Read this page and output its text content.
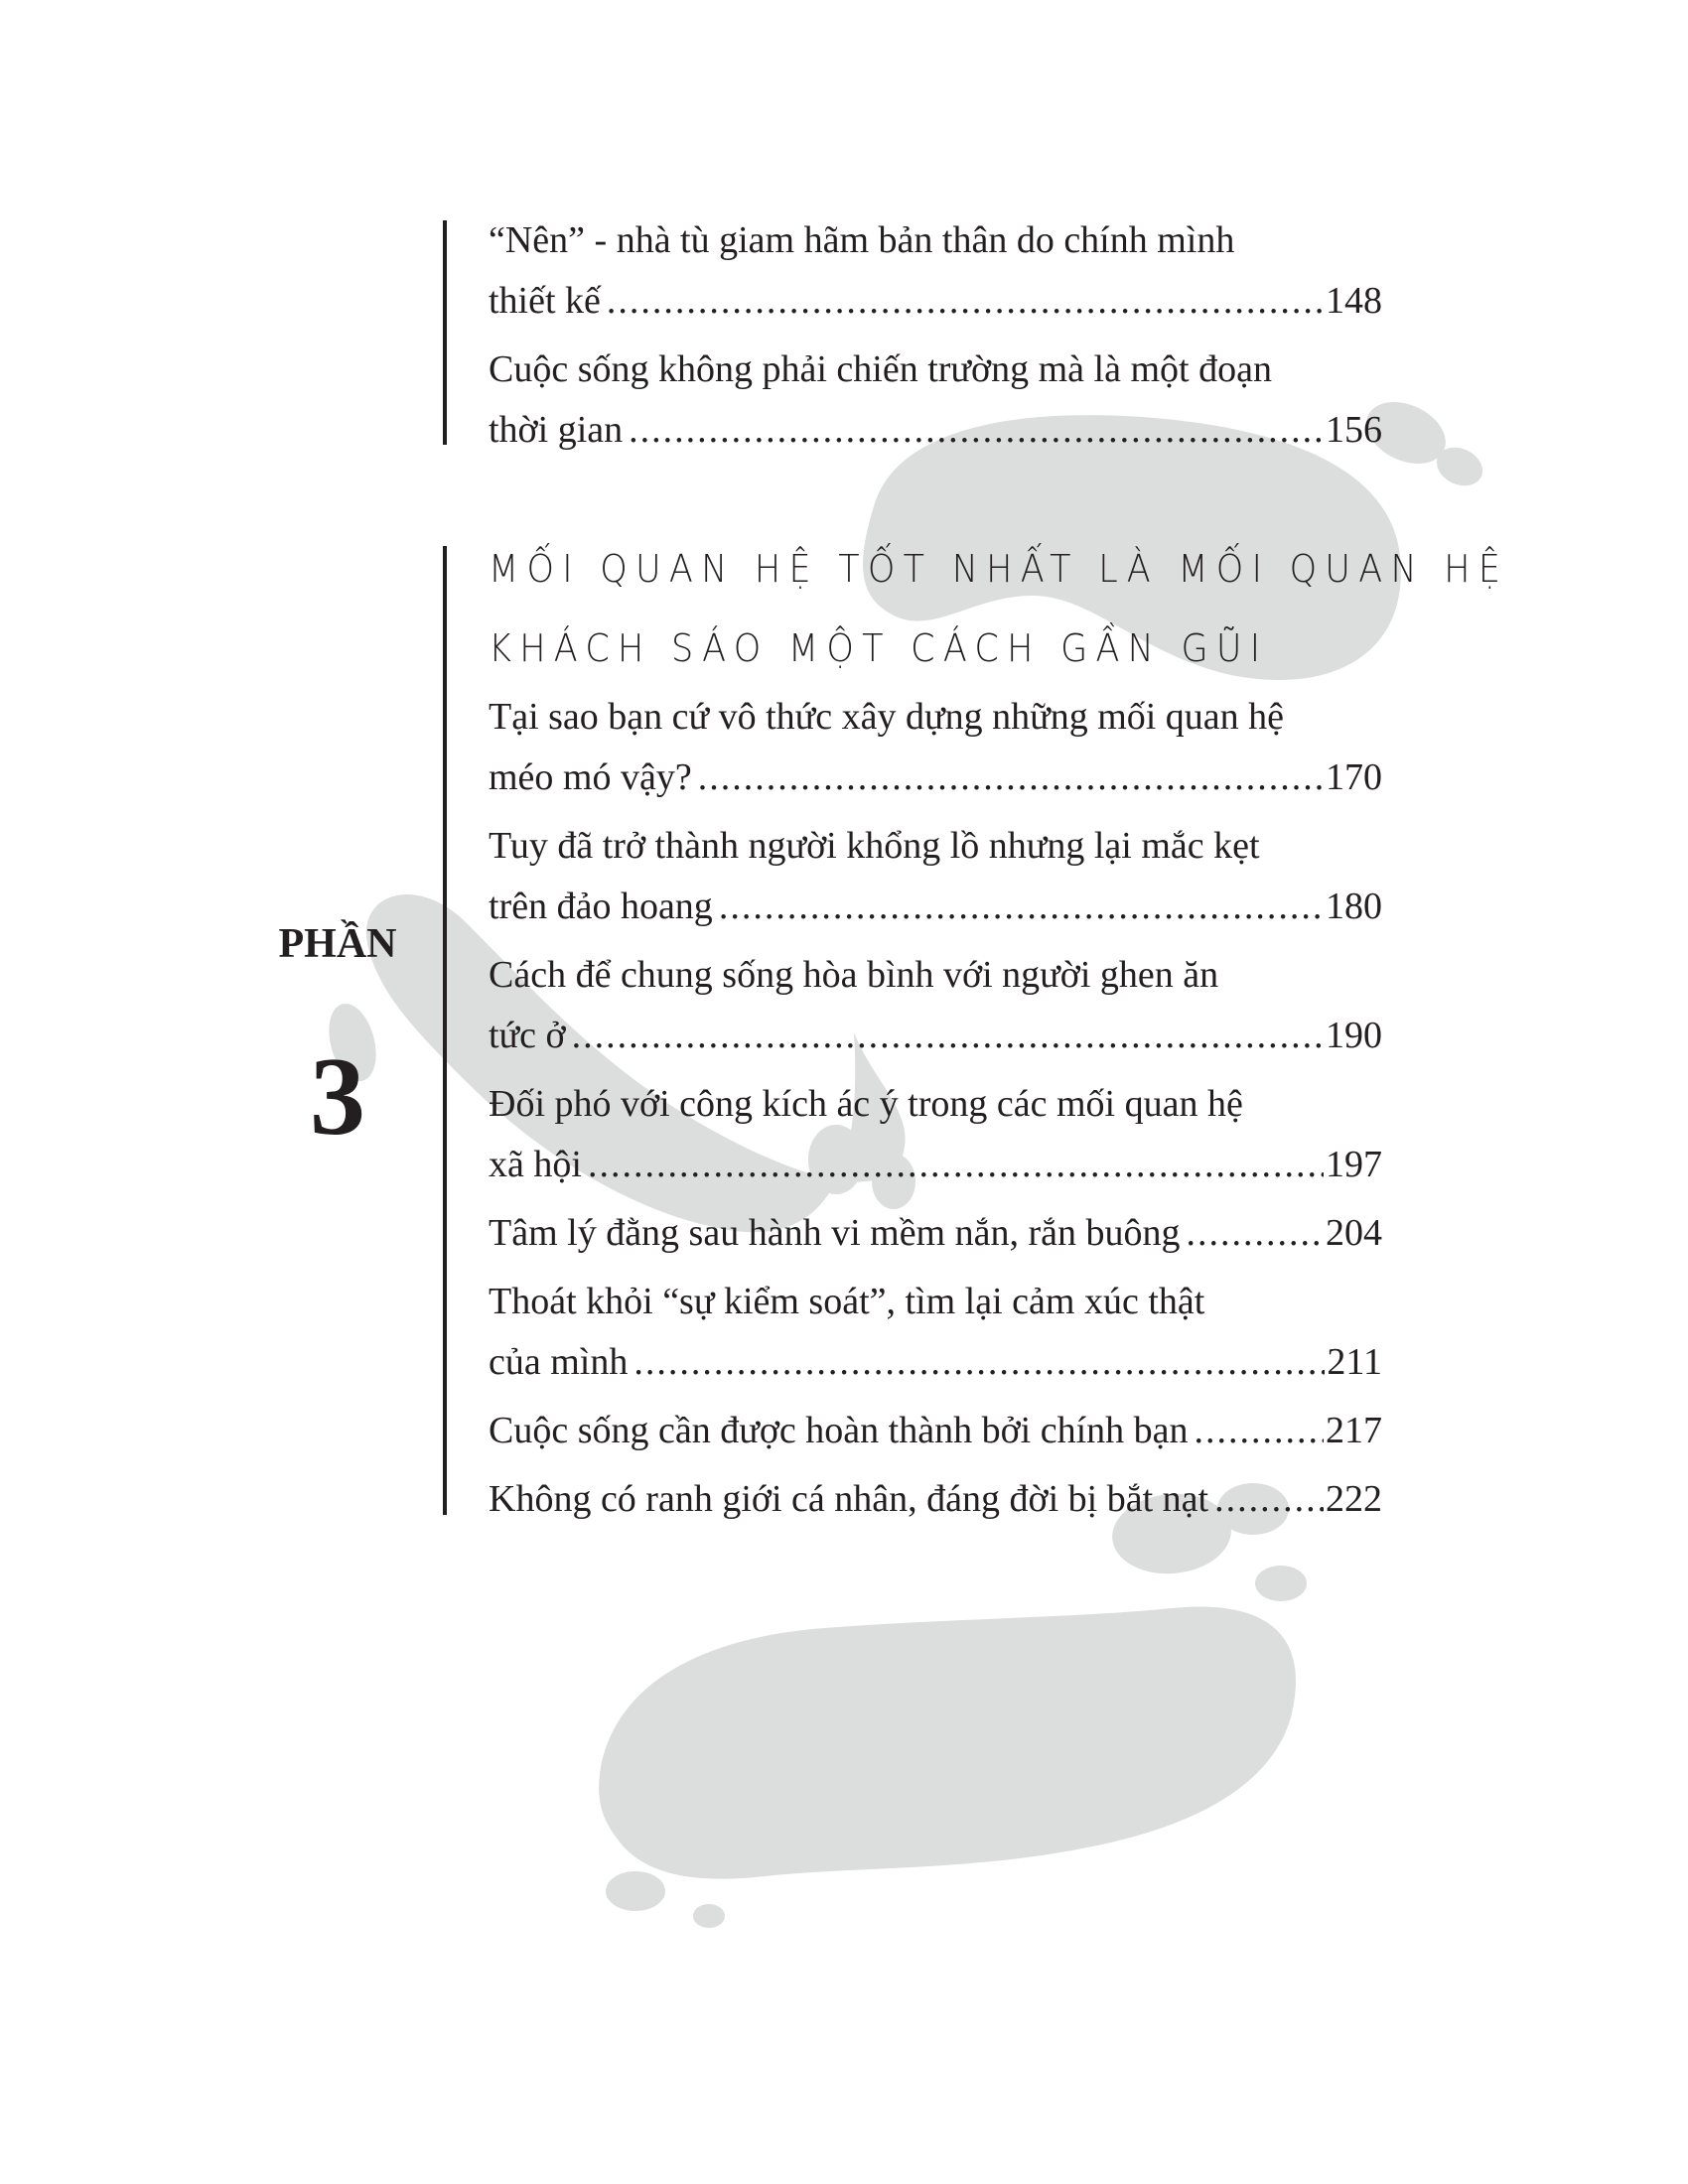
“Nên” - nhà tù giam hãm bản thân do chính mình
thiết kế .....	148
Cuộc sống không phải chiến trường mà là một đoạn
thời gian .....	156
PHẦN
3
MỐI QUAN HỆ TỐT NHẤT LÀ MỐI QUAN HỆ
KHÁCH SÁO MỘT CÁCH GẦN GŨI
Tại sao bạn cứ vô thức xây dựng những mối quan hệ
méo mó vậy? .....	170
Tuy đã trở thành người khổng lồ nhưng lại mắc kẹt
trên đảo hoang .....	180
Cách để chung sống hòa bình với người ghen ăn
tức ở .....	190
Đối phó với công kích ác ý trong các mối quan hệ
xã hội .....	197
Tâm lý đằng sau hành vi mềm nắn, rắn buông .....	204
Thoát khỏi “sự kiểm soát”, tìm lại cảm xúc thật
của mình .....	211
Cuộc sống cần được hoàn thành bởi chính bạn .....	217
Không có ranh giới cá nhân, đáng đời bị bắt nạt .....	222
